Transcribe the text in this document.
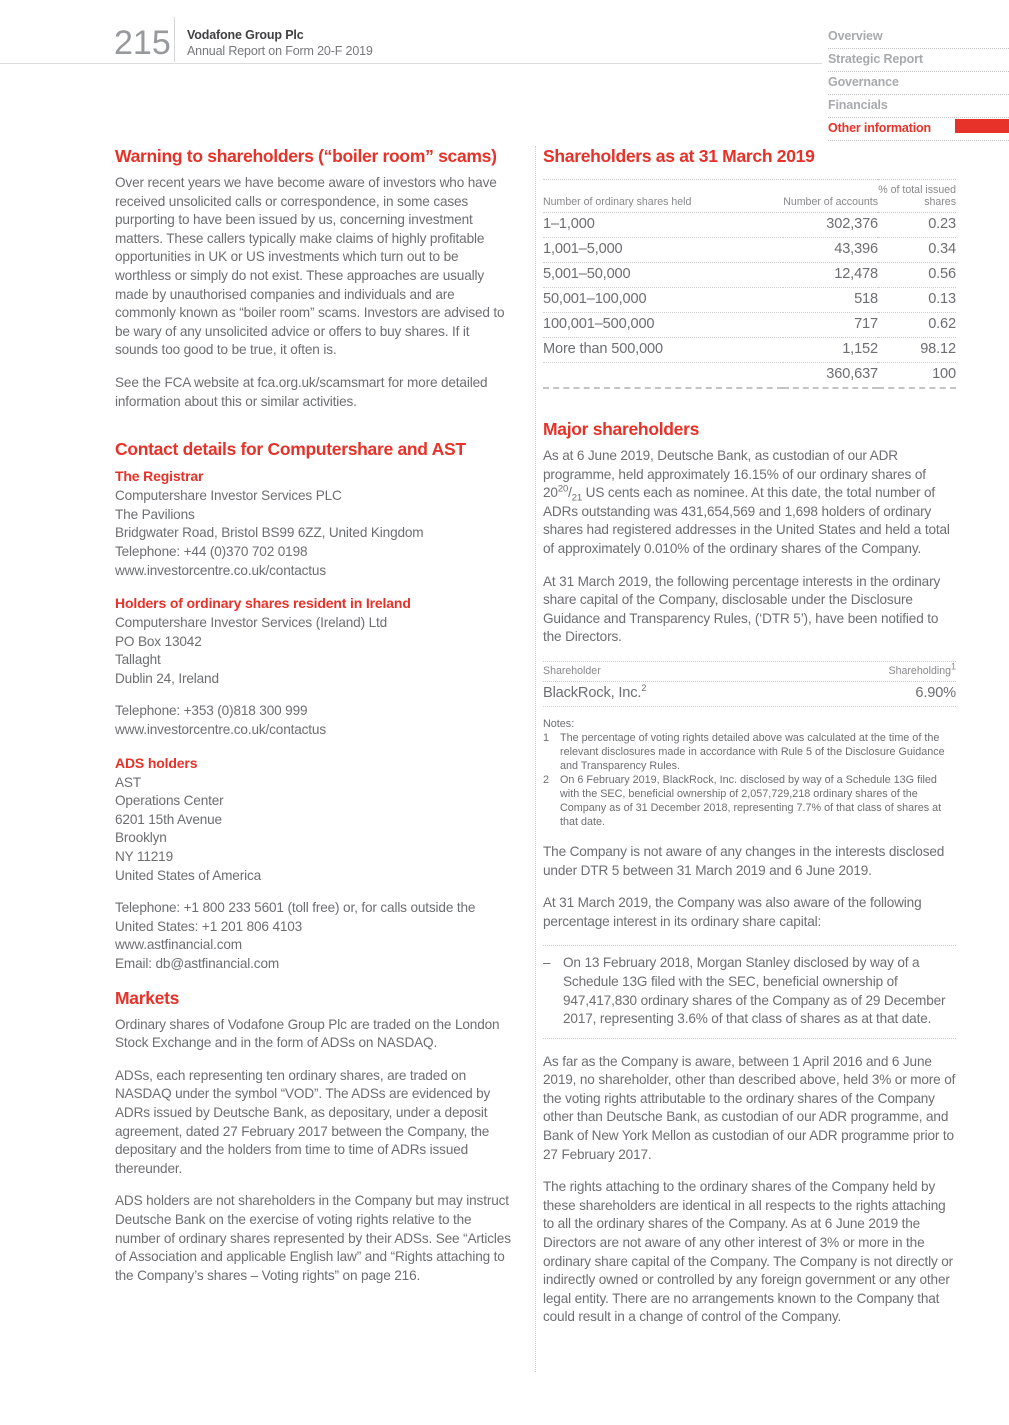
215 Vodafone Group Plc
Annual Report on Form 20-F 2019
Overview
Strategic Report
Governance
Financials
Other information
Warning to shareholders (“boiler room” scams)

Over recent years we have become aware of investors who have received unsolicited calls or correspondence, in some cases purporting to have been issued by us, concerning investment matters. These callers typically make claims of highly profitable opportunities in UK or US investments which turn out to be worthless or simply do not exist. These approaches are usually made by unauthorised companies and individuals and are commonly known as “boiler room” scams. Investors are advised to be wary of any unsolicited advice or offers to buy shares. If it sounds too good to be true, it often is.

See the FCA website at fca.org.uk/scamsmart for more detailed information about this or similar activities.

Contact details for Computershare and AST
The Registrar
Computershare Investor Services PLC
The Pavilions
Bridgwater Road, Bristol BS99 6ZZ, United Kingdom
Telephone: +44 (0)370 702 0198
www.investorcentre.co.uk/contactus
Holders of ordinary shares resident in Ireland
Computershare Investor Services (Ireland) Ltd
PO Box 13042
Tallaght
Dublin 24, Ireland
Telephone: +353 (0)818 300 999
www.investorcentre.co.uk/contactus
ADS holders
AST
Operations Center
6201 15th Avenue
Brooklyn
NY 11219
United States of America
Telephone: +1 800 233 5601 (toll free) or, for calls outside the United States: +1 201 806 4103
www.astfinancial.com
Email: db@astfinancial.com
Markets

Ordinary shares of Vodafone Group Plc are traded on the London Stock Exchange and in the form of ADSs on NASDAQ.

ADSs, each representing ten ordinary shares, are traded on NASDAQ under the symbol “VOD”. The ADSs are evidenced by ADRs issued by Deutsche Bank, as depositary, under a deposit agreement, dated 27 February 2017 between the Company, the depositary and the holders from time to time of ADRs issued thereunder.

ADS holders are not shareholders in the Company but may instruct Deutsche Bank on the exercise of voting rights relative to the number of ordinary shares represented by their ADSs. See “Articles of Association and applicable English law” and “Rights attaching to the Company’s shares – Voting rights” on page 216.

Shareholders as at 31 March 2019
Number of ordinary shares held	Number of accounts	% of total issued shares
1–1,000	302,376	0.23
1,001–5,000	43,396	0.34
5,001–50,000	12,478	0.56
50,001–100,000	518	0.13
100,001–500,000	717	0.62
More than 500,000	1,152	98.12
	360,637	100
Major shareholders

As at 6 June 2019, Deutsche Bank, as custodian of our ADR programme, held approximately 16.15% of our ordinary shares of $20^{20}/_{21}$ US cents each as nominee. At this date, the total number of ADRs outstanding was 431,654,569 and 1,698 holders of ordinary shares had registered addresses in the United States and held a total of approximately 0.010% of the ordinary shares of the Company.

At 31 March 2019, the following percentage interests in the ordinary share capital of the Company, disclosable under the Disclosure Guidance and Transparency Rules, (‘DTR 5’), have been notified to the Directors.

Shareholder	Shareholding$^1$
BlackRock, Inc.$^2$	6.90%
Notes:
1	The percentage of voting rights detailed above was calculated at the time of the relevant disclosures made in accordance with Rule 5 of the Disclosure Guidance and Transparency Rules.
2	On 6 February 2019, BlackRock, Inc. disclosed by way of a Schedule 13G filed with the SEC, beneficial ownership of 2,057,729,218 ordinary shares of the Company as of 31 December 2018, representing 7.7% of that class of shares at that date.

The Company is not aware of any changes in the interests disclosed under DTR 5 between 31 March 2019 and 6 June 2019.

At 31 March 2019, the Company was also aware of the following percentage interest in its ordinary share capital:

– On 13 February 2018, Morgan Stanley disclosed by way of a Schedule 13G filed with the SEC, beneficial ownership of 947,417,830 ordinary shares of the Company as of 29 December 2017, representing 3.6% of that class of shares as at that date.

As far as the Company is aware, between 1 April 2016 and 6 June 2019, no shareholder, other than described above, held 3% or more of the voting rights attributable to the ordinary shares of the Company other than Deutsche Bank, as custodian of our ADR programme, and Bank of New York Mellon as custodian of our ADR programme prior to 27 February 2017.

The rights attaching to the ordinary shares of the Company held by these shareholders are identical in all respects to the rights attaching to all the ordinary shares of the Company. As at 6 June 2019 the Directors are not aware of any other interest of 3% or more in the ordinary share capital of the Company. The Company is not directly or indirectly owned or controlled by any foreign government or any other legal entity. There are no arrangements known to the Company that could result in a change of control of the Company.
